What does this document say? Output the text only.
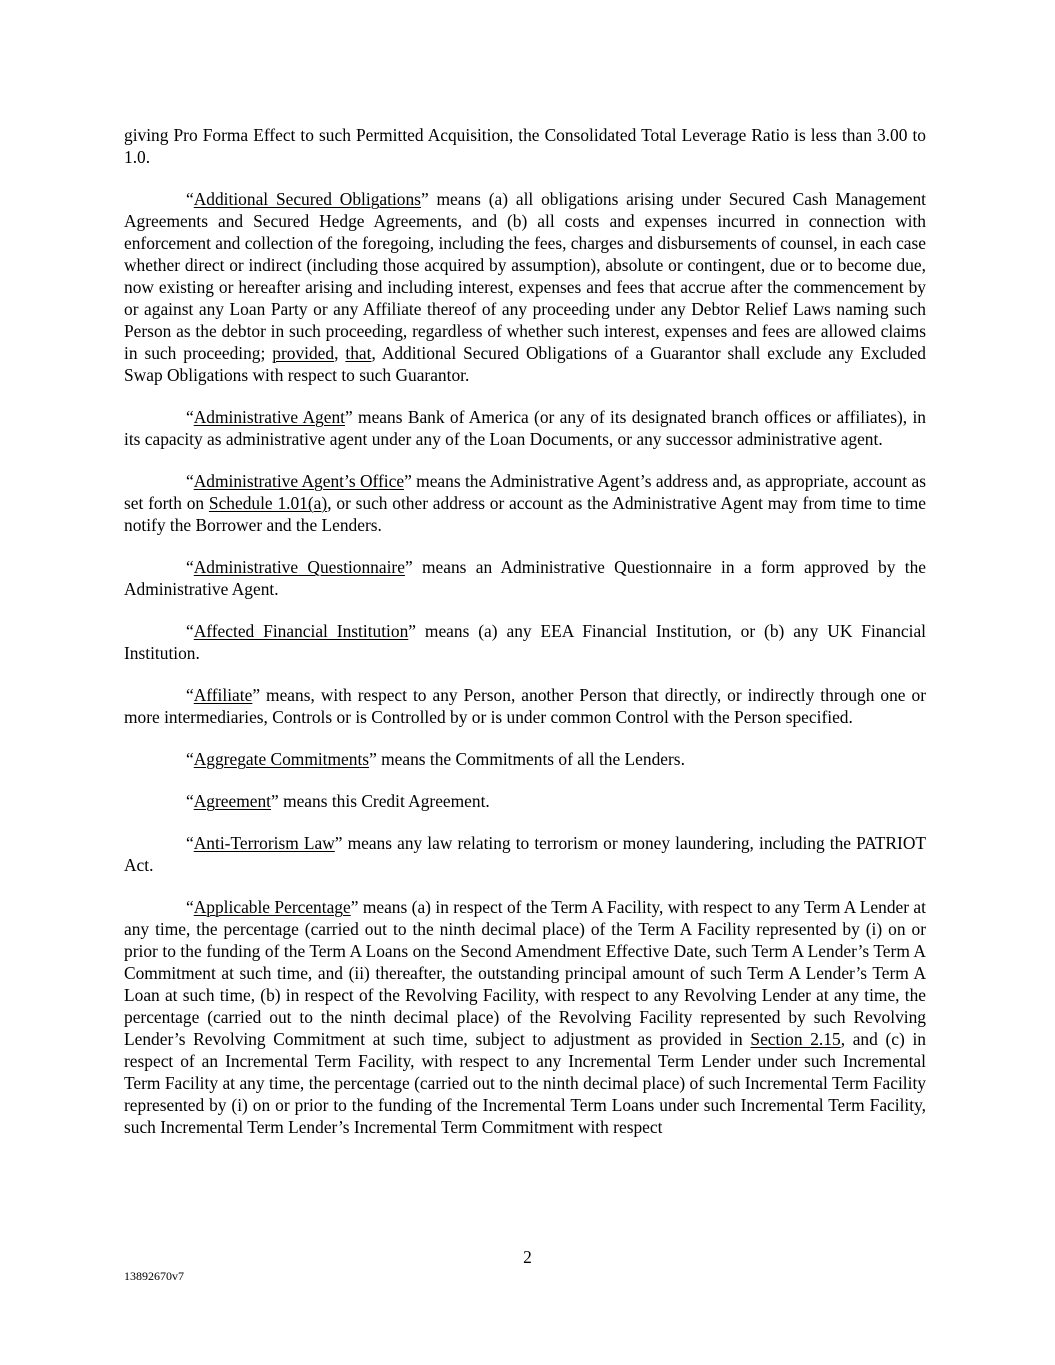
giving Pro Forma Effect to such Permitted Acquisition, the Consolidated Total Leverage Ratio is less than 3.00 to 1.0.

“Additional Secured Obligations” means (a) all obligations arising under Secured Cash Management Agreements and Secured Hedge Agreements, and (b) all costs and expenses incurred in connection with enforcement and collection of the foregoing, including the fees, charges and disbursements of counsel, in each case whether direct or indirect (including those acquired by assumption), absolute or contingent, due or to become due, now existing or hereafter arising and including interest, expenses and fees that accrue after the commencement by or against any Loan Party or any Affiliate thereof of any proceeding under any Debtor Relief Laws naming such Person as the debtor in such proceeding, regardless of whether such interest, expenses and fees are allowed claims in such proceeding; provided, that, Additional Secured Obligations of a Guarantor shall exclude any Excluded Swap Obligations with respect to such Guarantor.

“Administrative Agent” means Bank of America (or any of its designated branch offices or affiliates), in its capacity as administrative agent under any of the Loan Documents, or any successor administrative agent.

“Administrative Agent’s Office” means the Administrative Agent’s address and, as appropriate, account as set forth on Schedule 1.01(a), or such other address or account as the Administrative Agent may from time to time notify the Borrower and the Lenders.

“Administrative Questionnaire” means an Administrative Questionnaire in a form approved by the Administrative Agent.

“Affected Financial Institution” means (a) any EEA Financial Institution, or (b) any UK Financial Institution.

“Affiliate” means, with respect to any Person, another Person that directly, or indirectly through one or more intermediaries, Controls or is Controlled by or is under common Control with the Person specified.

“Aggregate Commitments” means the Commitments of all the Lenders.

“Agreement” means this Credit Agreement.

“Anti-Terrorism Law” means any law relating to terrorism or money laundering, including the PATRIOT Act.

“Applicable Percentage” means (a) in respect of the Term A Facility, with respect to any Term A Lender at any time, the percentage (carried out to the ninth decimal place) of the Term A Facility represented by (i) on or prior to the funding of the Term A Loans on the Second Amendment Effective Date, such Term A Lender’s Term A Commitment at such time, and (ii) thereafter, the outstanding principal amount of such Term A Lender’s Term A Loan at such time, (b) in respect of the Revolving Facility, with respect to any Revolving Lender at any time, the percentage (carried out to the ninth decimal place) of the Revolving Facility represented by such Revolving Lender’s Revolving Commitment at such time, subject to adjustment as provided in Section 2.15, and (c) in respect of an Incremental Term Facility, with respect to any Incremental Term Lender under such Incremental Term Facility at any time, the percentage (carried out to the ninth decimal place) of such Incremental Term Facility represented by (i) on or prior to the funding of the Incremental Term Loans under such Incremental Term Facility, such Incremental Term Lender’s Incremental Term Commitment with respect

2
13892670v7
